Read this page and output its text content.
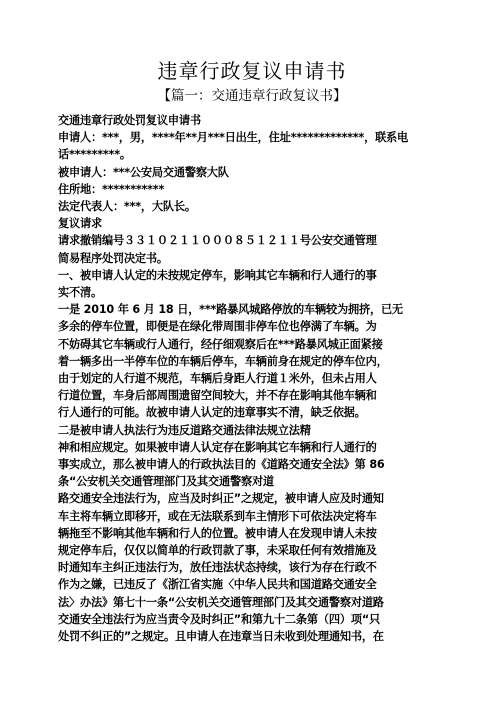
违章行政复议申请书
【篇一：交通违章行政复议书】
交通违章行政处罚复议申请书
申请人：***，男，****年**月***日出生，住址*************，联系电
话*********。
被申请人：***公安局交通警察大队
住所地：***********
法定代表人：***，大队长。
复议请求
请求撤销编号３３１０２１１０００８５１２１１号公安交通管理
简易程序处罚决定书。
一、被申请人认定的未按规定停车，影响其它车辆和行人通行的事
实不清。
一是 2010 年 6 月 18 日，***路暴风城路停放的车辆较为拥挤，已无
多余的停车位置，即便是在绿化带周围非停车位也停满了车辆。为
不妨碍其它车辆或行人通行，经仔细观察后在***路暴风城正面紧接
着一辆多出一半停车位的车辆后停车，车辆前身在规定的停车位内，
由于划定的人行道不规范，车辆后身距人行道１米外，但未占用人
行道位置，车身后部周围遗留空间较大，并不存在影响其他车辆和
行人通行的可能。故被申请人认定的违章事实不清，缺乏依据。
二是被申请人执法行为违反道路交通法律法规立法精
神和相应规定。如果被申请人认定存在影响其它车辆和行人通行的
事实成立，那么被申请人的行政执法目的《道路交通安全法》第 86
条“公安机关交通管理部门及其交通警察对道
路交通安全违法行为，应当及时纠正”之规定，被申请人应及时通知
车主将车辆立即移开，或在无法联系到车主情形下可依法决定将车
辆拖至不影响其他车辆和行人的位置。被申请人在发现申请人未按
规定停车后，仅仅以简单的行政罚款了事，未采取任何有效措施及
时通知车主纠正违法行为，放任违法状态持续，该行为存在行政不
作为之嫌，已违反了《浙江省实施〈中华人民共和国道路交通安全
法〉办法》第七十一条“公安机关交通管理部门及其交通警察对道路
交通安全违法行为应当责令及时纠正”和第九十二条第（四）项“只
处罚不纠正的”之规定。且申请人在违章当日未收到处理通知书，在
